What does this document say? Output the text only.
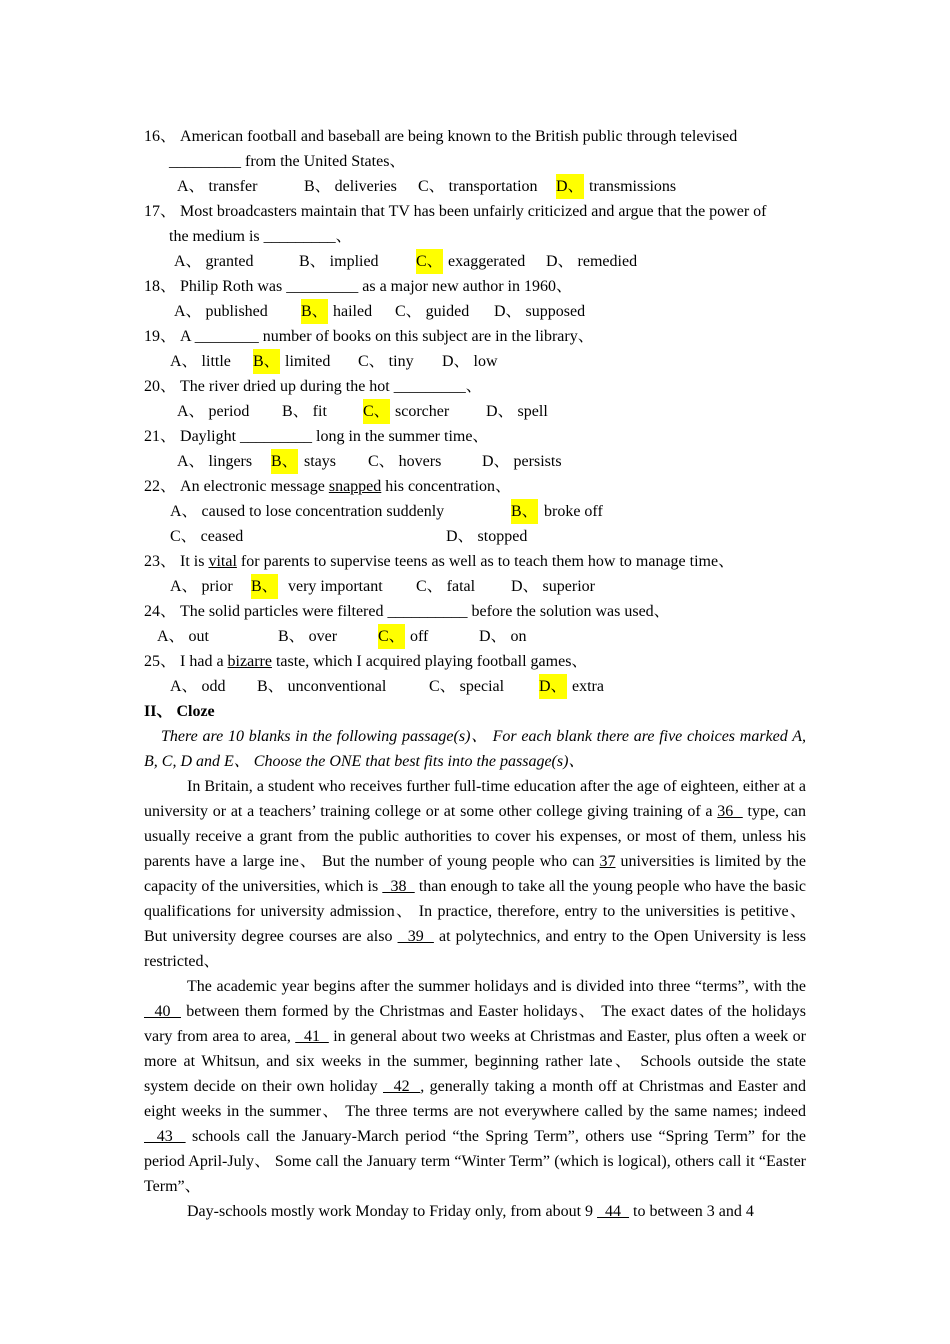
16、 American football and baseball are being known to the British public through televised
_________ from the United States、
A、 transfer	B、 deliveries C、 transportation D、 transmissions
17、 Most broadcasters maintain that TV has been unfairly criticized and argue that the power of
the medium is _________、
A、 granted	B、 implied C、 exaggerated D、 remedied
18、 Philip Roth was _________ as a major new author in 1960、
A、 published B、 hailed C、 guided D、 supposed
19、 A ________ number of books on this subject are in the library、
A、 little B、 limited C、 tiny D、 low
20、 The river dried up during the hot _________、
A、 period B、 fit C、 scorcher D、 spell
21、 Daylight _________ long in the summer time、
A、 lingers B、 stays C、 hovers	D、 persists
22、 An electronic message snapped his concentration、
A、 caused to lose concentration suddenly	B、 broke off
C、 ceased	D、 stopped
23、 It is vital for parents to supervise teens as well as to teach them how to manage time、
A、 prior B、 very important C、 fatal D、 superior
24、 The solid particles were filtered __________ before the solution was used、
A、 out	B、 over	C、 off	D、 on
25、 I had a bizarre taste, which I acquired playing football games、
A、 odd B、 unconventional	C、 special D、 extra
II、 Cloze
There are 10 blanks in the following passage(s)、 For each blank there are five choices marked A, B, C, D and E、 Choose the ONE that best fits into the passage(s)、
In Britain, a student who receives further full-time education after the age of eighteen, either at a university or at a teachers’ training college or at some other college giving training of a 36   type, can usually receive a grant from the public authorities to cover his expenses, or most of them, unless his parents have a large ine、 But the number of young people who can 37 universities is limited by the capacity of the universities, which is   38   than enough to take all the young people who have the basic qualifications for university admission、 In practice, therefore, entry to the universities is petitive、 But university degree courses are also   39   at polytechnics, and entry to the Open University is less restricted、
The academic year begins after the summer holidays and is divided into three “terms”, with the   40   between them formed by the Christmas and Easter holidays、 The exact dates of the holidays vary from area to area,   41   in general about two weeks at Christmas and Easter, plus often a week or more at Whitsun, and six weeks in the summer, beginning rather late、 Schools outside the state system decide on their own holiday   42  , generally taking a month off at Christmas and Easter and eight weeks in the summer、 The three terms are not everywhere called by the same names; indeed   43   schools call the January-March period “the Spring Term”, others use “Spring Term” for the period April-July、 Some call the January term “Winter Term” (which is logical), others call it “Easter Term”、
Day-schools mostly work Monday to Friday only, from about 9   44   to between 3 and 4
